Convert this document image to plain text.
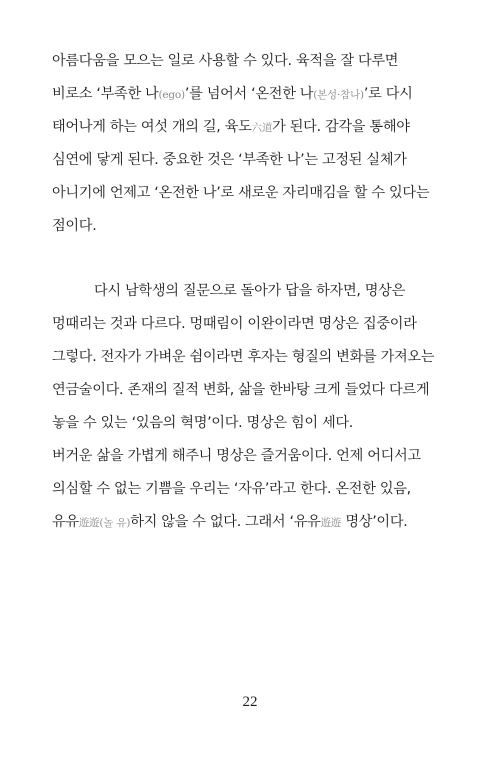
아름다움을 모으는 일로 사용할 수 있다. 육적을 잘 다루면
비로소 ‘부족한 나(ego)’를 넘어서 ‘온전한 나(본성·참나)’로 다시
태어나게 하는 여섯 개의 길, 육도六道가 된다. 감각을 통해야
심연에 닿게 된다. 중요한 것은 ‘부족한 나’는 고정된 실체가
아니기에 언제고 ‘온전한 나’로 새로운 자리매김을 할 수 있다는
점이다.
다시 남학생의 질문으로 돌아가 답을 하자면, 명상은
멍때리는 것과 다르다. 멍때림이 이완이라면 명상은 집중이라
그렇다. 전자가 가벼운 쉼이라면 후자는 형질의 변화를 가져오는
연금술이다. 존재의 질적 변화, 삶을 한바탕 크게 들었다 다르게
놓을 수 있는 ‘있음의 혁명’이다. 명상은 힘이 세다.
버거운 삶을 가볍게 해주니 명상은 즐거움이다. 언제 어디서고
의심할 수 없는 기쁨을 우리는 ‘자유’라고 한다. 온전한 있음,
유유遊遊(놀 유)하지 않을 수 없다. 그래서 ‘유유遊遊 명상’이다.
22
